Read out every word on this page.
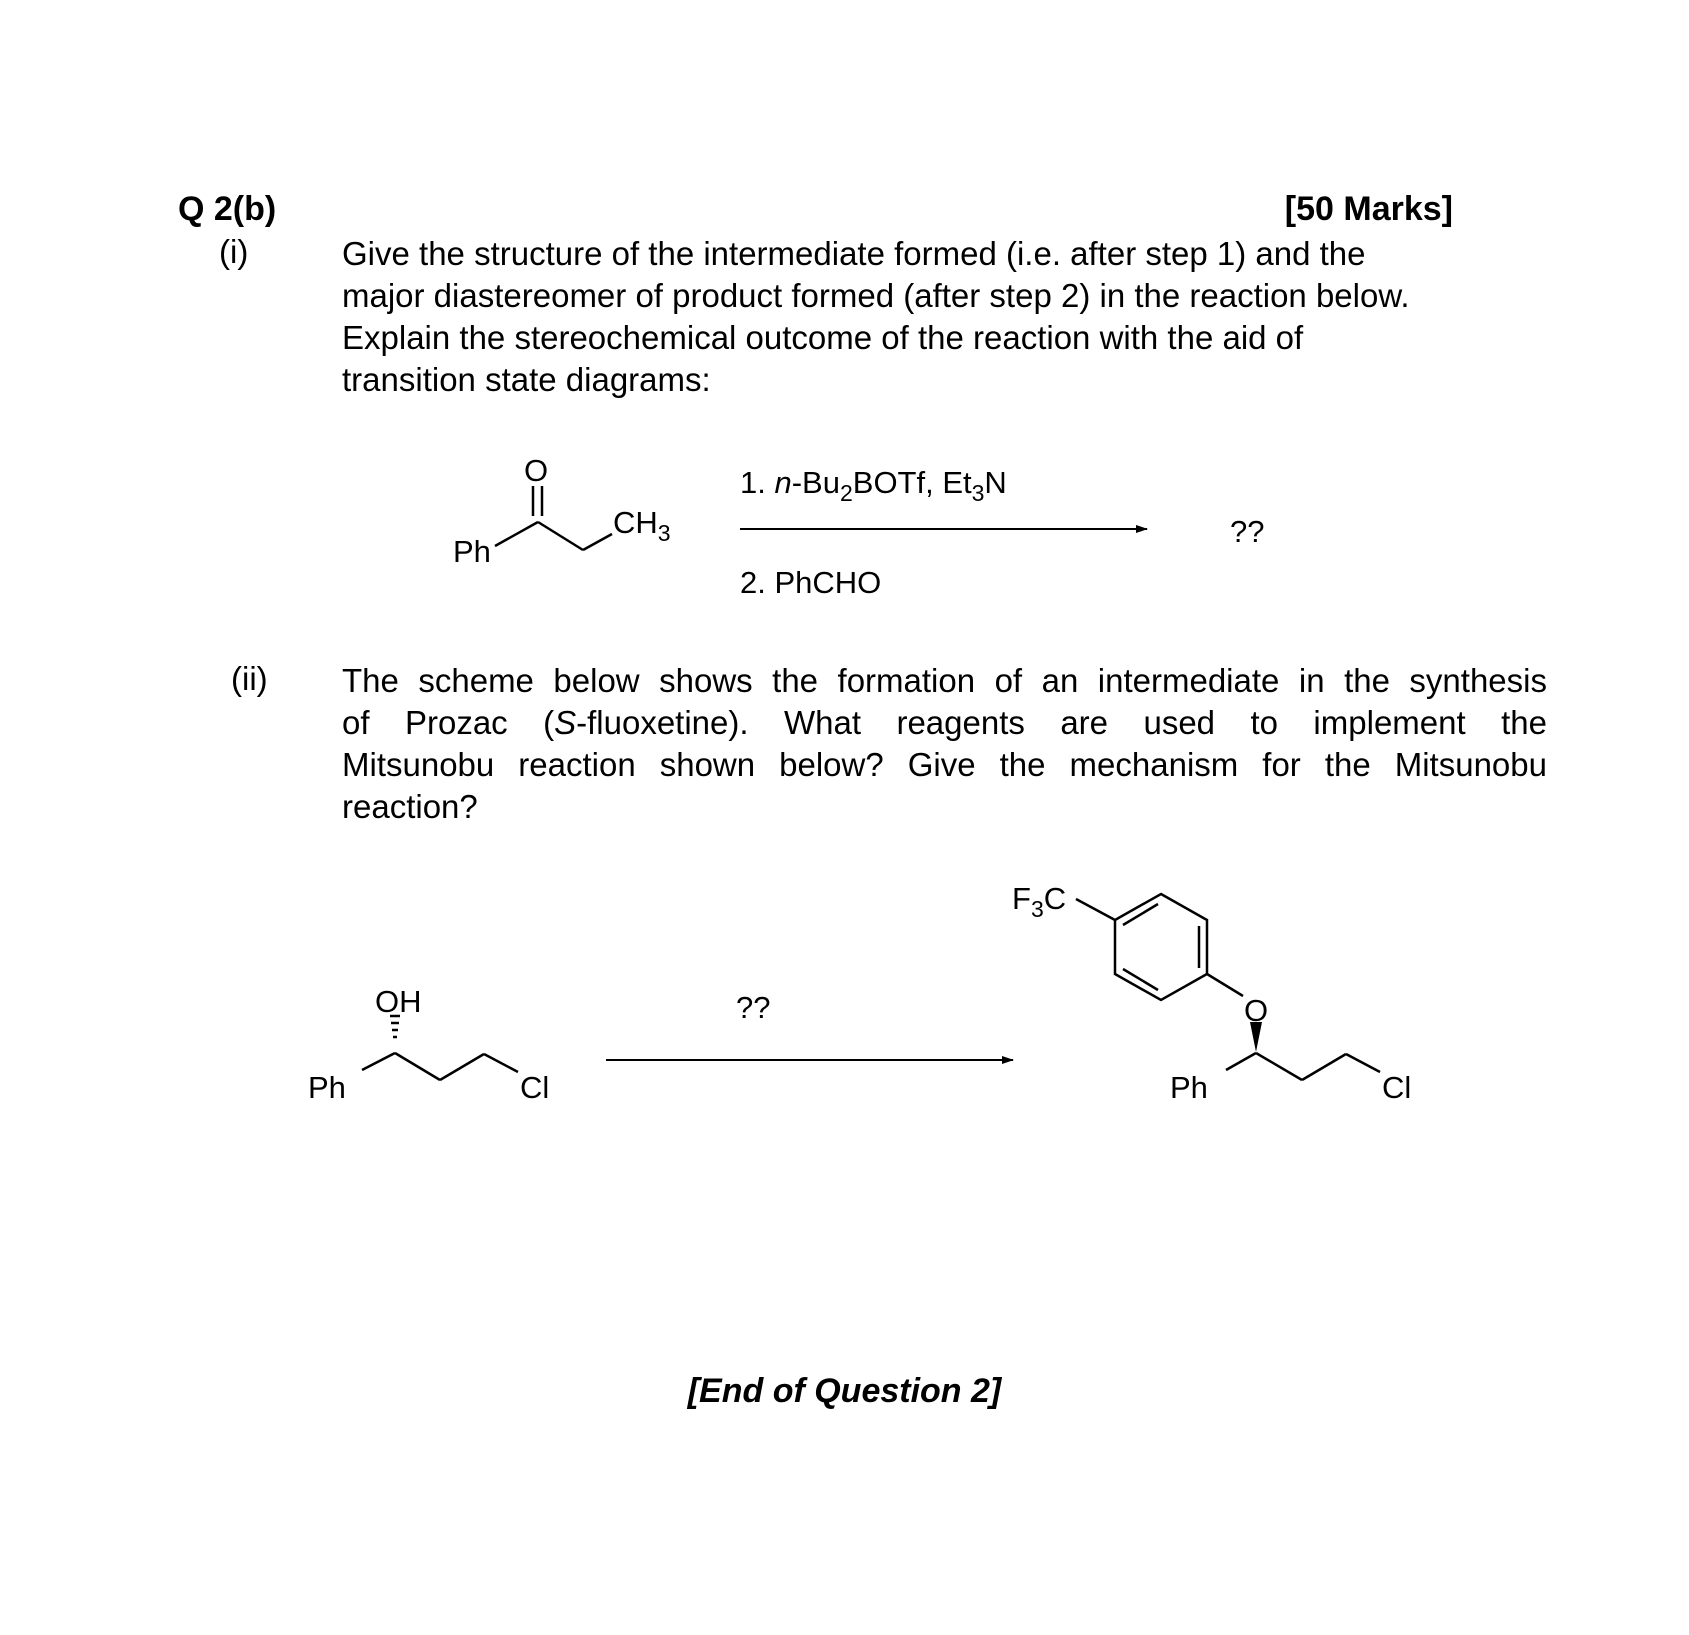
Q 2(b)	[50 Marks]
(i)	Give the structure of the intermediate formed (i.e. after step 1) and the
major diastereomer of product formed (after step 2) in the reaction below.
Explain the stereochemical outcome of the reaction with the aid of
transition state diagrams:
(ii) The scheme below shows the formation of an intermediate in the synthesis
of Prozac (S-fluoxetine). What reagents are used to implement the
Mitsunobu reaction shown below? Give the mechanism for the Mitsunobu
reaction?
O
Ph
$CH_3$
1. $n-Bu_2BOTf$, $Et_3N$
2. PhCHO
??
OH
Ph	Cl
??
$F_3C$
O
Ph	Cl
[End of Question 2]
